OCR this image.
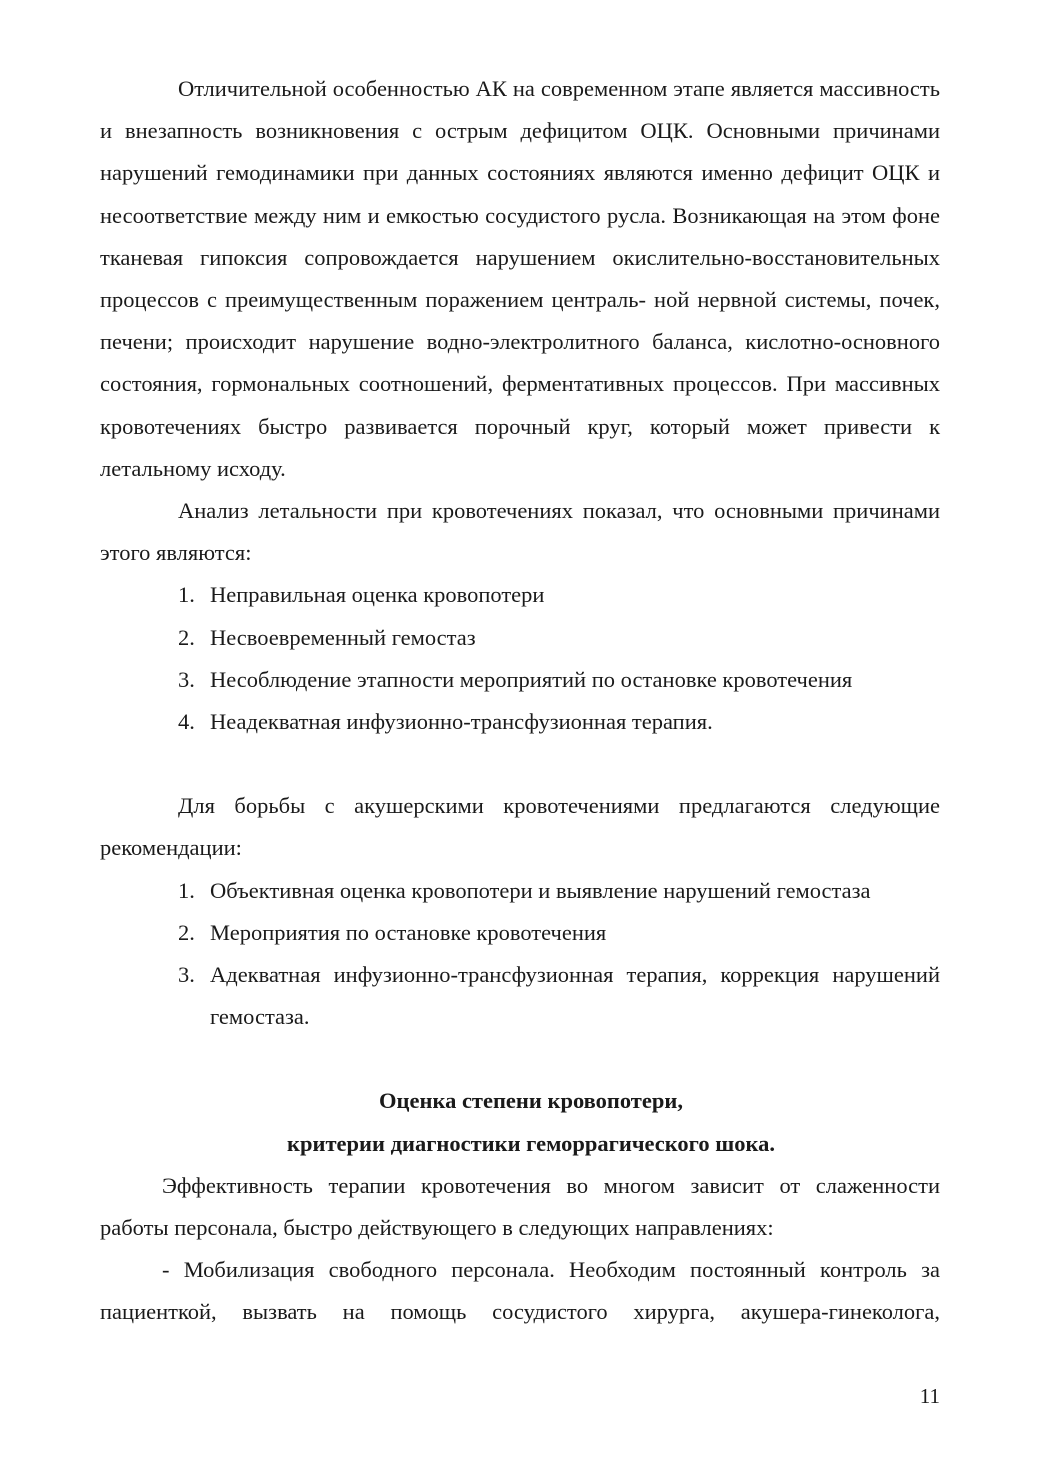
Отличительной особенностью АК на современном этапе является массивность и внезапность возникновения с острым дефицитом ОЦК. Основными причинами нарушений гемодинамики при данных состояниях являются именно дефицит ОЦК и несоответствие между ним и емкостью сосудистого русла. Возникающая на этом фоне тканевая гипоксия сопровождается нарушением окислительно-восстановительных процессов с преимущественным поражением централь- ной нервной системы, почек, печени; происходит нарушение водно-электролитного баланса, кислотно-основного состояния, гормональных соотношений, ферментативных процессов. При массивных кровотечениях быстро развивается порочный круг, который может привести к летальному исходу.

Анализ летальности при кровотечениях показал, что основными причинами этого являются:

1. Неправильная оценка кровопотери
2. Несвоевременный гемостаз
3. Несоблюдение этапности мероприятий по остановке кровотечения
4. Неадекватная инфузионно-трансфузионная терапия.

Для борьбы с акушерскими кровотечениями предлагаются следующие рекомендации:

1. Объективная оценка кровопотери и выявление нарушений гемостаза
2. Мероприятия по остановке кровотечения
3. Адекватная инфузионно-трансфузионная терапия, коррекция нарушений гемостаза.

Оценка степени кровопотери,

критерии диагностики геморрагического шока.

Эффективность терапии кровотечения во многом зависит от слаженности работы персонала, быстро действующего в следующих направлениях:

- Мобилизация свободного персонала. Необходим постоянный контроль за пациенткой, вызвать на помощь сосудистого хирурга, акушера-гинеколога,

11
